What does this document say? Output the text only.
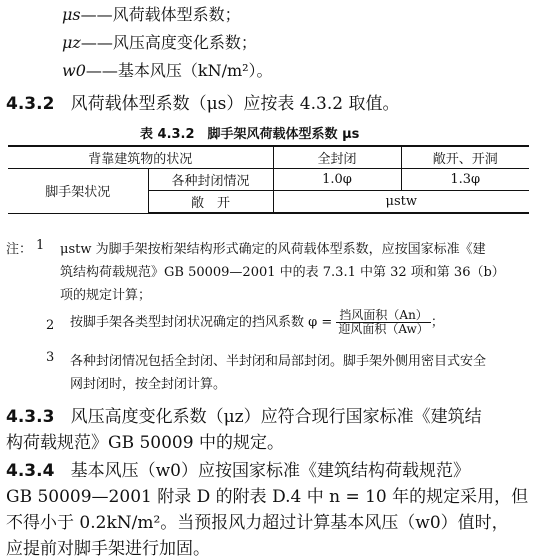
μs——风荷载体型系数；
μz——风压高度变化系数；
w0——基本风压（kN/m²）。
4.3.2 风荷载体型系数（μs）应按表 4.3.2 取值。
表 4.3.2　脚手架风荷载体型系数 μs
背靠建筑物的状况		全封闭	敞开、开洞
脚手架状况	各种封闭情况	1.0φ	1.3φ
	敞　开	μstw	
注： 1 μstw 为脚手架按桁架结构形式确定的风荷载体型系数，应按国家标准《建
筑结构荷载规范》GB 50009—2001 中的表 7.3.1 中第 32 项和第 36（b）
项的规定计算；
2 按脚手架各类型封闭状况确定的挡风系数 $\varphi = \frac{\text{挡风面积（An）}}{\text{迎风面积（Aw）}}$ ；
3 各种封闭情况包括全封闭、半封闭和局部封闭。脚手架外侧用密目式安全
网封闭时，按全封闭计算。
4.3.3 风压高度变化系数（μz）应符合现行国家标准《建筑结
构荷载规范》GB 50009 中的规定。
4.3.4 基本风压（w0）应按国家标准《建筑结构荷载规范》
GB 50009—2001 附录 D 的附表 D.4 中 n = 10 年的规定采用，但
不得小于 0.2kN/m²。当预报风力超过计算基本风压（w0）值时，
应提前对脚手架进行加固。
